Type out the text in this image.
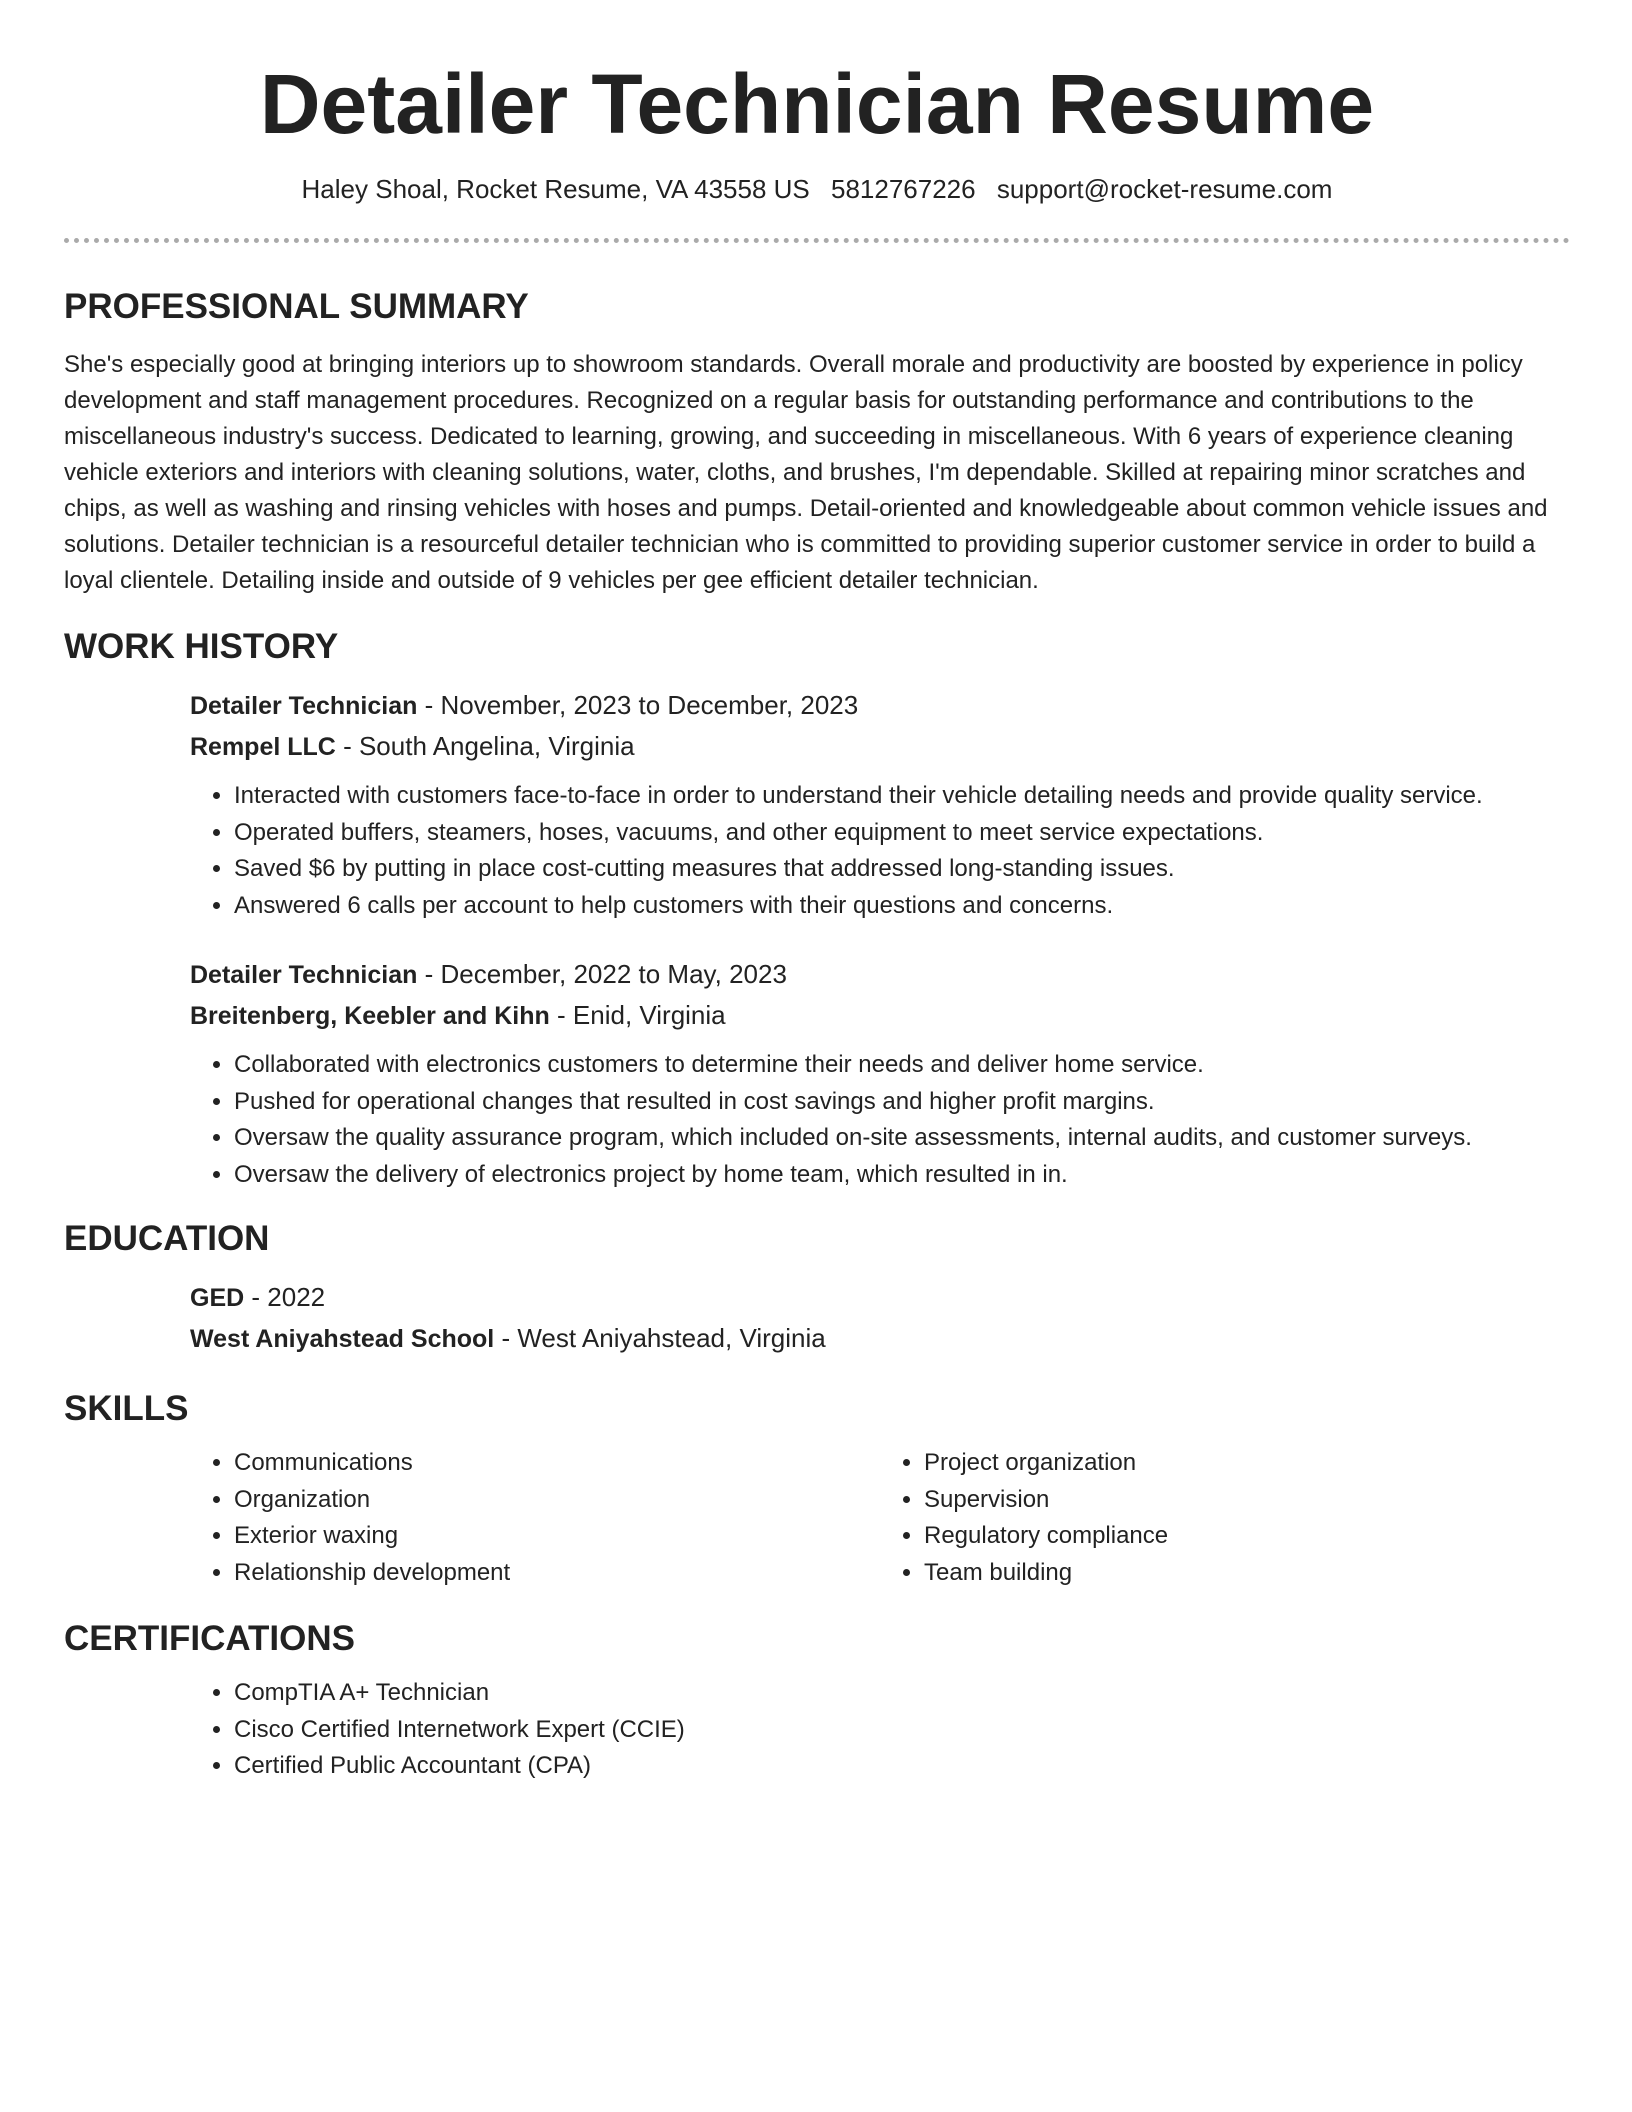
Detailer Technician Resume
Haley Shoal, Rocket Resume, VA 43558 US 5812767226 support@rocket-resume.com
PROFESSIONAL SUMMARY

She's especially good at bringing interiors up to showroom standards. Overall morale and productivity are boosted by experience in policy development and staff management procedures. Recognized on a regular basis for outstanding performance and contributions to the miscellaneous industry's success. Dedicated to learning, growing, and succeeding in miscellaneous. With 6 years of experience cleaning vehicle exteriors and interiors with cleaning solutions, water, cloths, and brushes, I'm dependable. Skilled at repairing minor scratches and chips, as well as washing and rinsing vehicles with hoses and pumps. Detail-oriented and knowledgeable about common vehicle issues and solutions. Detailer technician is a resourceful detailer technician who is committed to providing superior customer service in order to build a loyal clientele. Detailing inside and outside of 9 vehicles per gee efficient detailer technician.

WORK HISTORY

Detailer Technician - November, 2023 to December, 2023

Rempel LLC - South Angelina, Virginia

• Interacted with customers face-to-face in order to understand their vehicle detailing needs and provide quality service.
• Operated buffers, steamers, hoses, vacuums, and other equipment to meet service expectations.
• Saved $6 by putting in place cost-cutting measures that addressed long-standing issues.
• Answered 6 calls per account to help customers with their questions and concerns.

Detailer Technician - December, 2022 to May, 2023

Breitenberg, Keebler and Kihn - Enid, Virginia

• Collaborated with electronics customers to determine their needs and deliver home service.
• Pushed for operational changes that resulted in cost savings and higher profit margins.
• Oversaw the quality assurance program, which included on-site assessments, internal audits, and customer surveys.
• Oversaw the delivery of electronics project by home team, which resulted in in.
EDUCATION

GED - 2022

West Aniyahstead School - West Aniyahstead, Virginia

SKILLS
• Communications
• Organization
• Exterior waxing
• Relationship development
• Project organization
• Supervision
• Regulatory compliance
• Team building
CERTIFICATIONS
• CompTIA A+ Technician
• Cisco Certified Internetwork Expert (CCIE)
• Certified Public Accountant (CPA)
